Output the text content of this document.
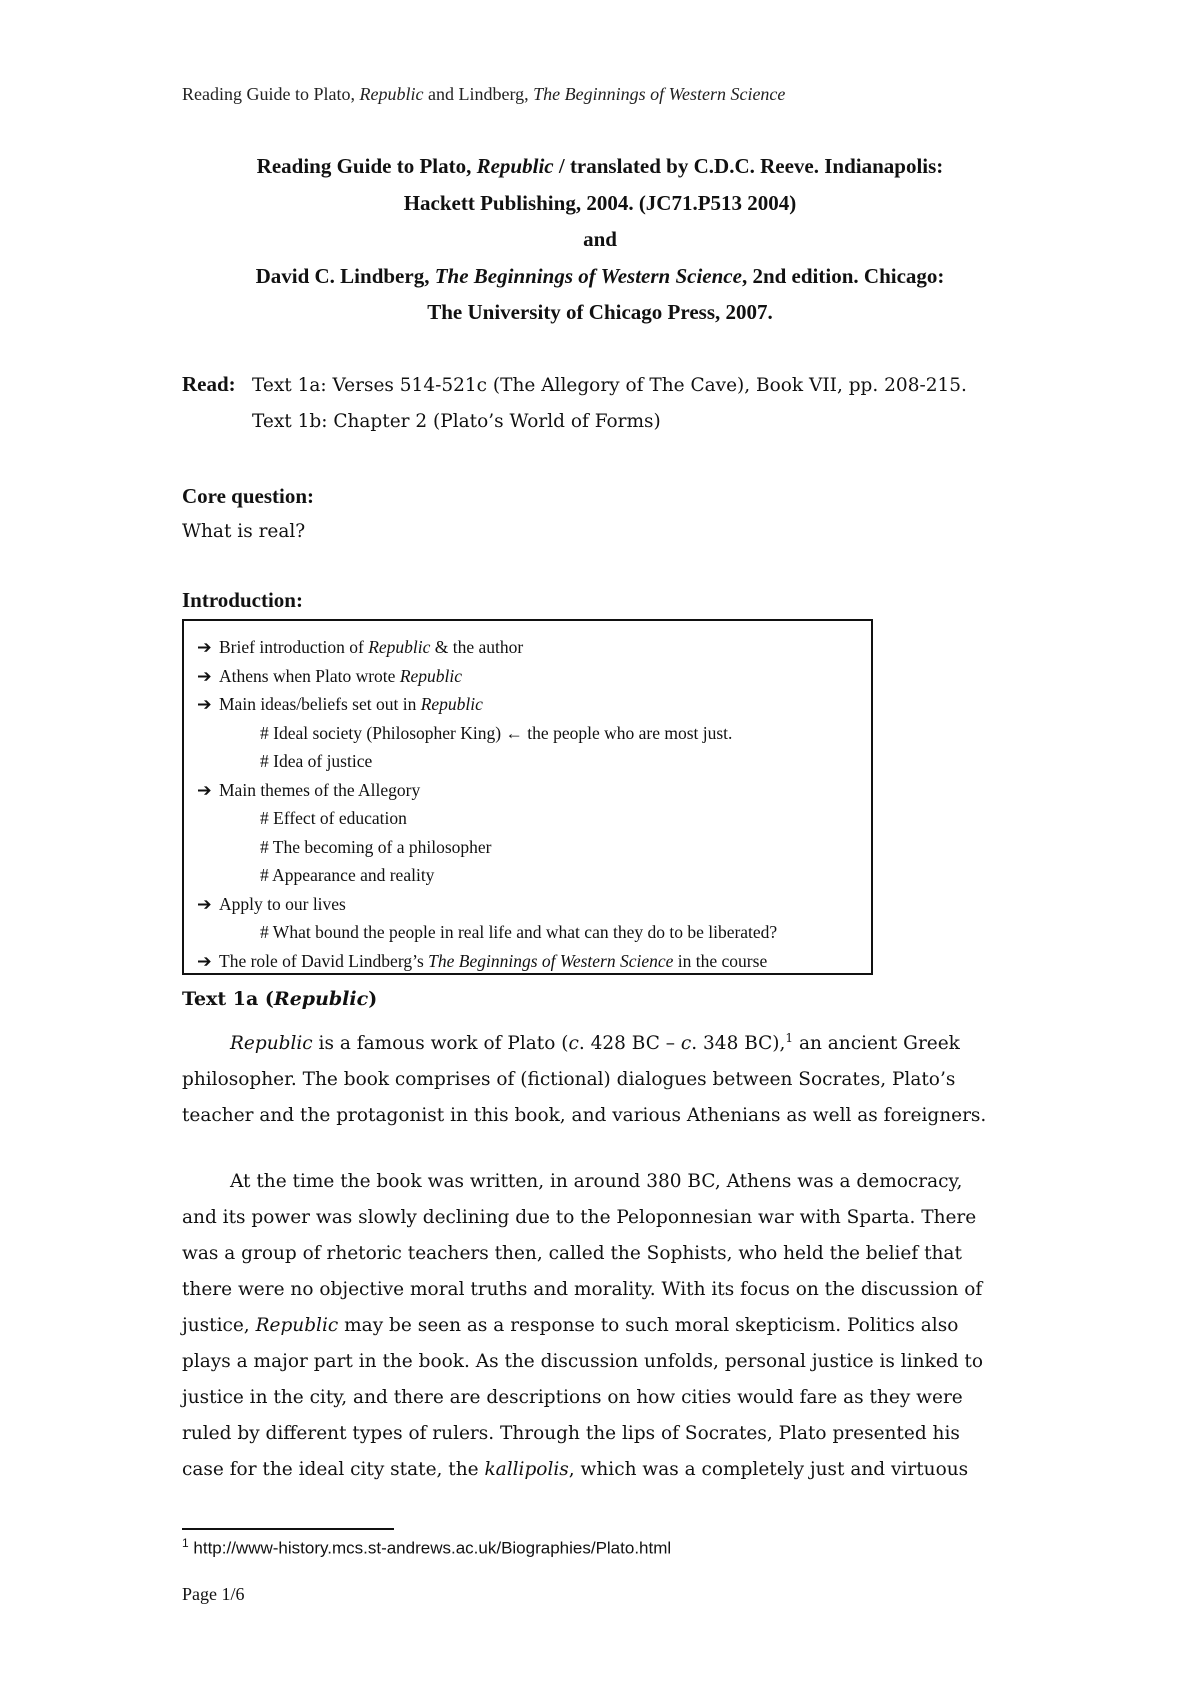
Reading Guide to Plato, Republic and Lindberg, The Beginnings of Western Science
Reading Guide to Plato, Republic / translated by C.D.C. Reeve. Indianapolis:
Hackett Publishing, 2004. (JC71.P513 2004)
and
David C. Lindberg, The Beginnings of Western Science, 2nd edition. Chicago:
The University of Chicago Press, 2007.
Read: Text 1a: Verses 514-521c (The Allegory of The Cave), Book VII, pp. 208-215.
Text 1b: Chapter 2 (Plato’s World of Forms)
Core question:
What is real?
Introduction:
➔ Brief introduction of Republic & the author
➔ Athens when Plato wrote Republic
➔ Main ideas/beliefs set out in Republic
# Ideal society (Philosopher King) ← the people who are most just.
# Idea of justice
➔ Main themes of the Allegory
# Effect of education
# The becoming of a philosopher
# Appearance and reality
➔ Apply to our lives
# What bound the people in real life and what can they do to be liberated?
➔ The role of David Lindberg’s The Beginnings of Western Science in the course
Text 1a (Republic)
Republic is a famous work of Plato (c. 428 BC – c. 348 BC),$^1$ an ancient Greek
philosopher. The book comprises of (fictional) dialogues between Socrates, Plato’s
teacher and the protagonist in this book, and various Athenians as well as foreigners.
At the time the book was written, in around 380 BC, Athens was a democracy,
and its power was slowly declining due to the Peloponnesian war with Sparta. There
was a group of rhetoric teachers then, called the Sophists, who held the belief that
there were no objective moral truths and morality. With its focus on the discussion of
justice, Republic may be seen as a response to such moral skepticism. Politics also
plays a major part in the book. As the discussion unfolds, personal justice is linked to
justice in the city, and there are descriptions on how cities would fare as they were
ruled by different types of rulers. Through the lips of Socrates, Plato presented his
case for the ideal city state, the kallipolis, which was a completely just and virtuous
$^1$ http://www-history.mcs.st-andrews.ac.uk/Biographies/Plato.html
Page 1/6
